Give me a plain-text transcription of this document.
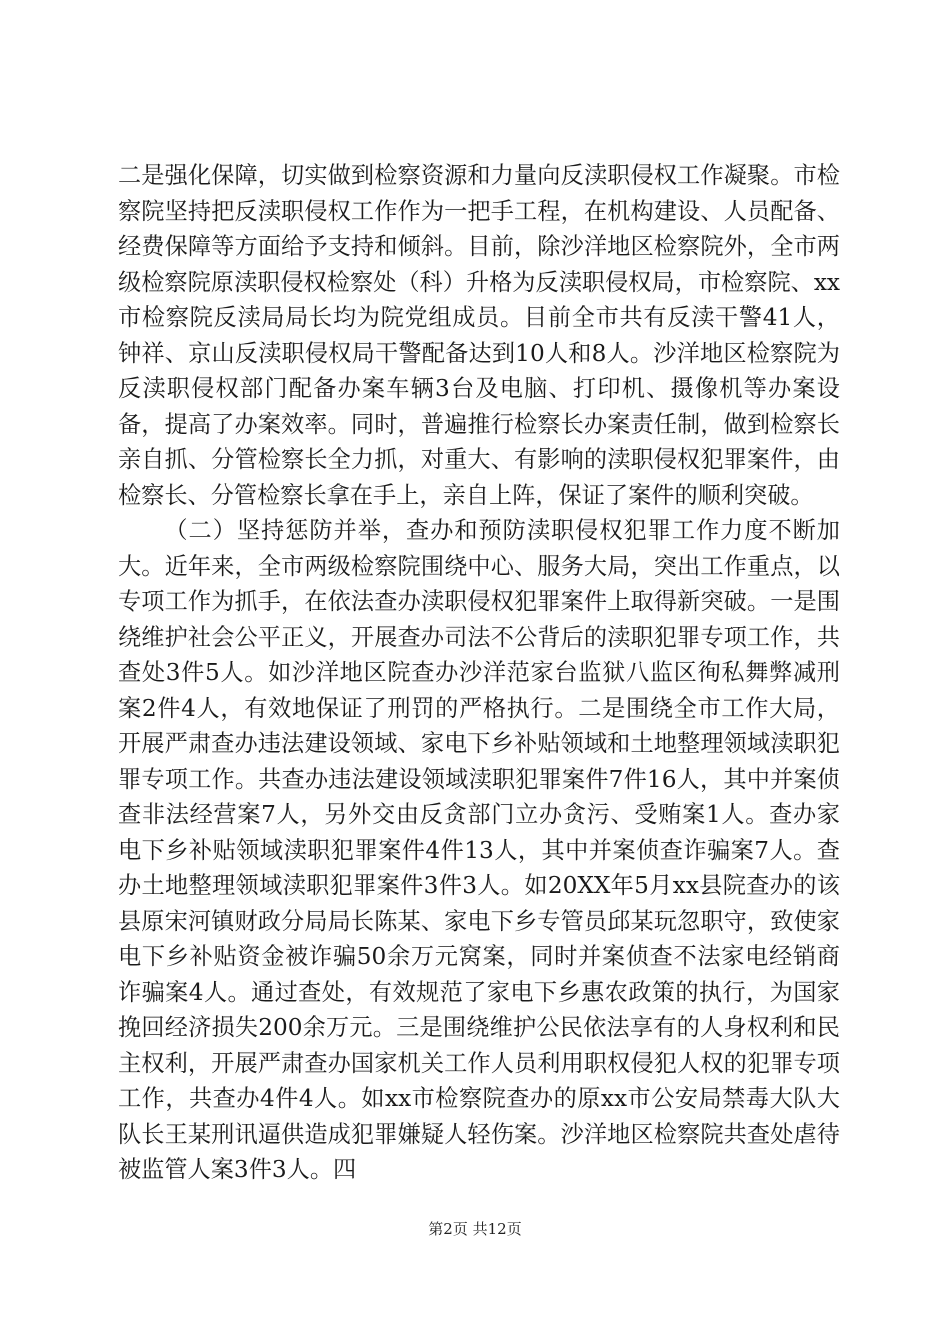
二是强化保障，切实做到检察资源和力量向反渎职侵权工作凝聚。市检察院坚持把反渎职侵权工作作为一把手工程，在机构建设、人员配备、经费保障等方面给予支持和倾斜。目前，除沙洋地区检察院外，全市两级检察院原渎职侵权检察处（科）升格为反渎职侵权局，市检察院、xx市检察院反渎局局长均为院党组成员。目前全市共有反渎干警41人，钟祥、京山反渎职侵权局干警配备达到10人和8人。沙洋地区检察院为反渎职侵权部门配备办案车辆3台及电脑、打印机、摄像机等办案设备，提高了办案效率。同时，普遍推行检察长办案责任制，做到检察长亲自抓、分管检察长全力抓，对重大、有影响的渎职侵权犯罪案件，由检察长、分管检察长拿在手上，亲自上阵，保证了案件的顺利突破。

（二）坚持惩防并举，查办和预防渎职侵权犯罪工作力度不断加大。近年来，全市两级检察院围绕中心、服务大局，突出工作重点，以专项工作为抓手，在依法查办渎职侵权犯罪案件上取得新突破。一是围绕维护社会公平正义，开展查办司法不公背后的渎职犯罪专项工作，共查处3件5人。如沙洋地区院查办沙洋范家台监狱八监区徇私舞弊减刑案2件4人，有效地保证了刑罚的严格执行。二是围绕全市工作大局，开展严肃查办违法建设领域、家电下乡补贴领域和土地整理领域渎职犯罪专项工作。共查办违法建设领域渎职犯罪案件7件16人，其中并案侦查非法经营案7人，另外交由反贪部门立办贪污、受贿案1人。查办家电下乡补贴领域渎职犯罪案件4件13人，其中并案侦查诈骗案7人。查办土地整理领域渎职犯罪案件3件3人。如20XX年5月xx县院查办的该县原宋河镇财政分局局长陈某、家电下乡专管员邱某玩忽职守，致使家电下乡补贴资金被诈骗50余万元窝案，同时并案侦查不法家电经销商诈骗案4人。通过查处，有效规范了家电下乡惠农政策的执行，为国家挽回经济损失200余万元。三是围绕维护公民依法享有的人身权利和民主权利，开展严肃查办国家机关工作人员利用职权侵犯人权的犯罪专项工作，共查办4件4人。如xx市检察院查办的原xx市公安局禁毒大队大队长王某刑讯逼供造成犯罪嫌疑人轻伤案。沙洋地区检察院共查处虐待被监管人案3件3人。四

第2页 共12页
